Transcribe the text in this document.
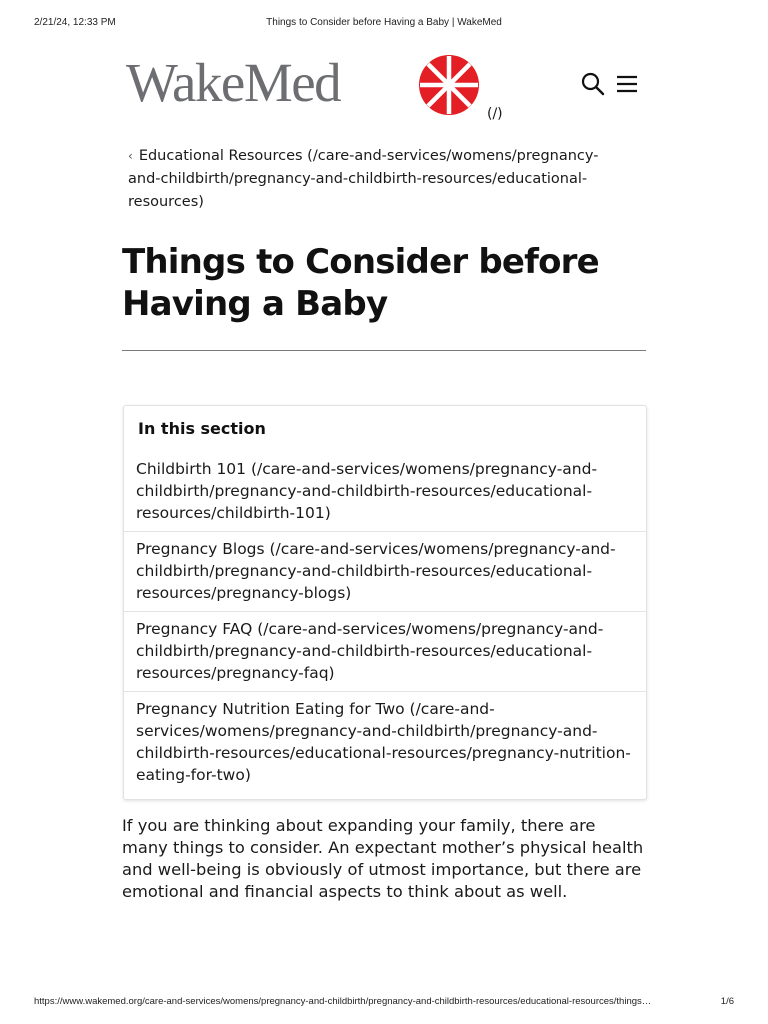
2/21/24, 12:33 PM	Things to Consider before Having a Baby | WakeMed
WakeMed
(/)
‹ Educational Resources (/care-and-services/womens/pregnancy-and-childbirth/pregnancy-and-childbirth-resources/educational-resources)
Things to Consider before Having a Baby
In this section
Childbirth 101 (/care-and-services/womens/pregnancy-and-childbirth/pregnancy-and-childbirth-resources/educational-resources/childbirth-101)
Pregnancy Blogs (/care-and-services/womens/pregnancy-and-childbirth/pregnancy-and-childbirth-resources/educational-resources/pregnancy-blogs)
Pregnancy FAQ (/care-and-services/womens/pregnancy-and-childbirth/pregnancy-and-childbirth-resources/educational-resources/pregnancy-faq)
Pregnancy Nutrition Eating for Two (/care-and-services/womens/pregnancy-and-childbirth/pregnancy-and-childbirth-resources/educational-resources/pregnancy-nutrition-eating-for-two)

If you are thinking about expanding your family, there are many things to consider. An expectant mother’s physical health and well-being is obviously of utmost importance, but there are emotional and financial aspects to think about as well.

https://www.wakemed.org/care-and-services/womens/pregnancy-and-childbirth/pregnancy-and-childbirth-resources/educational-resources/things…	1/6
